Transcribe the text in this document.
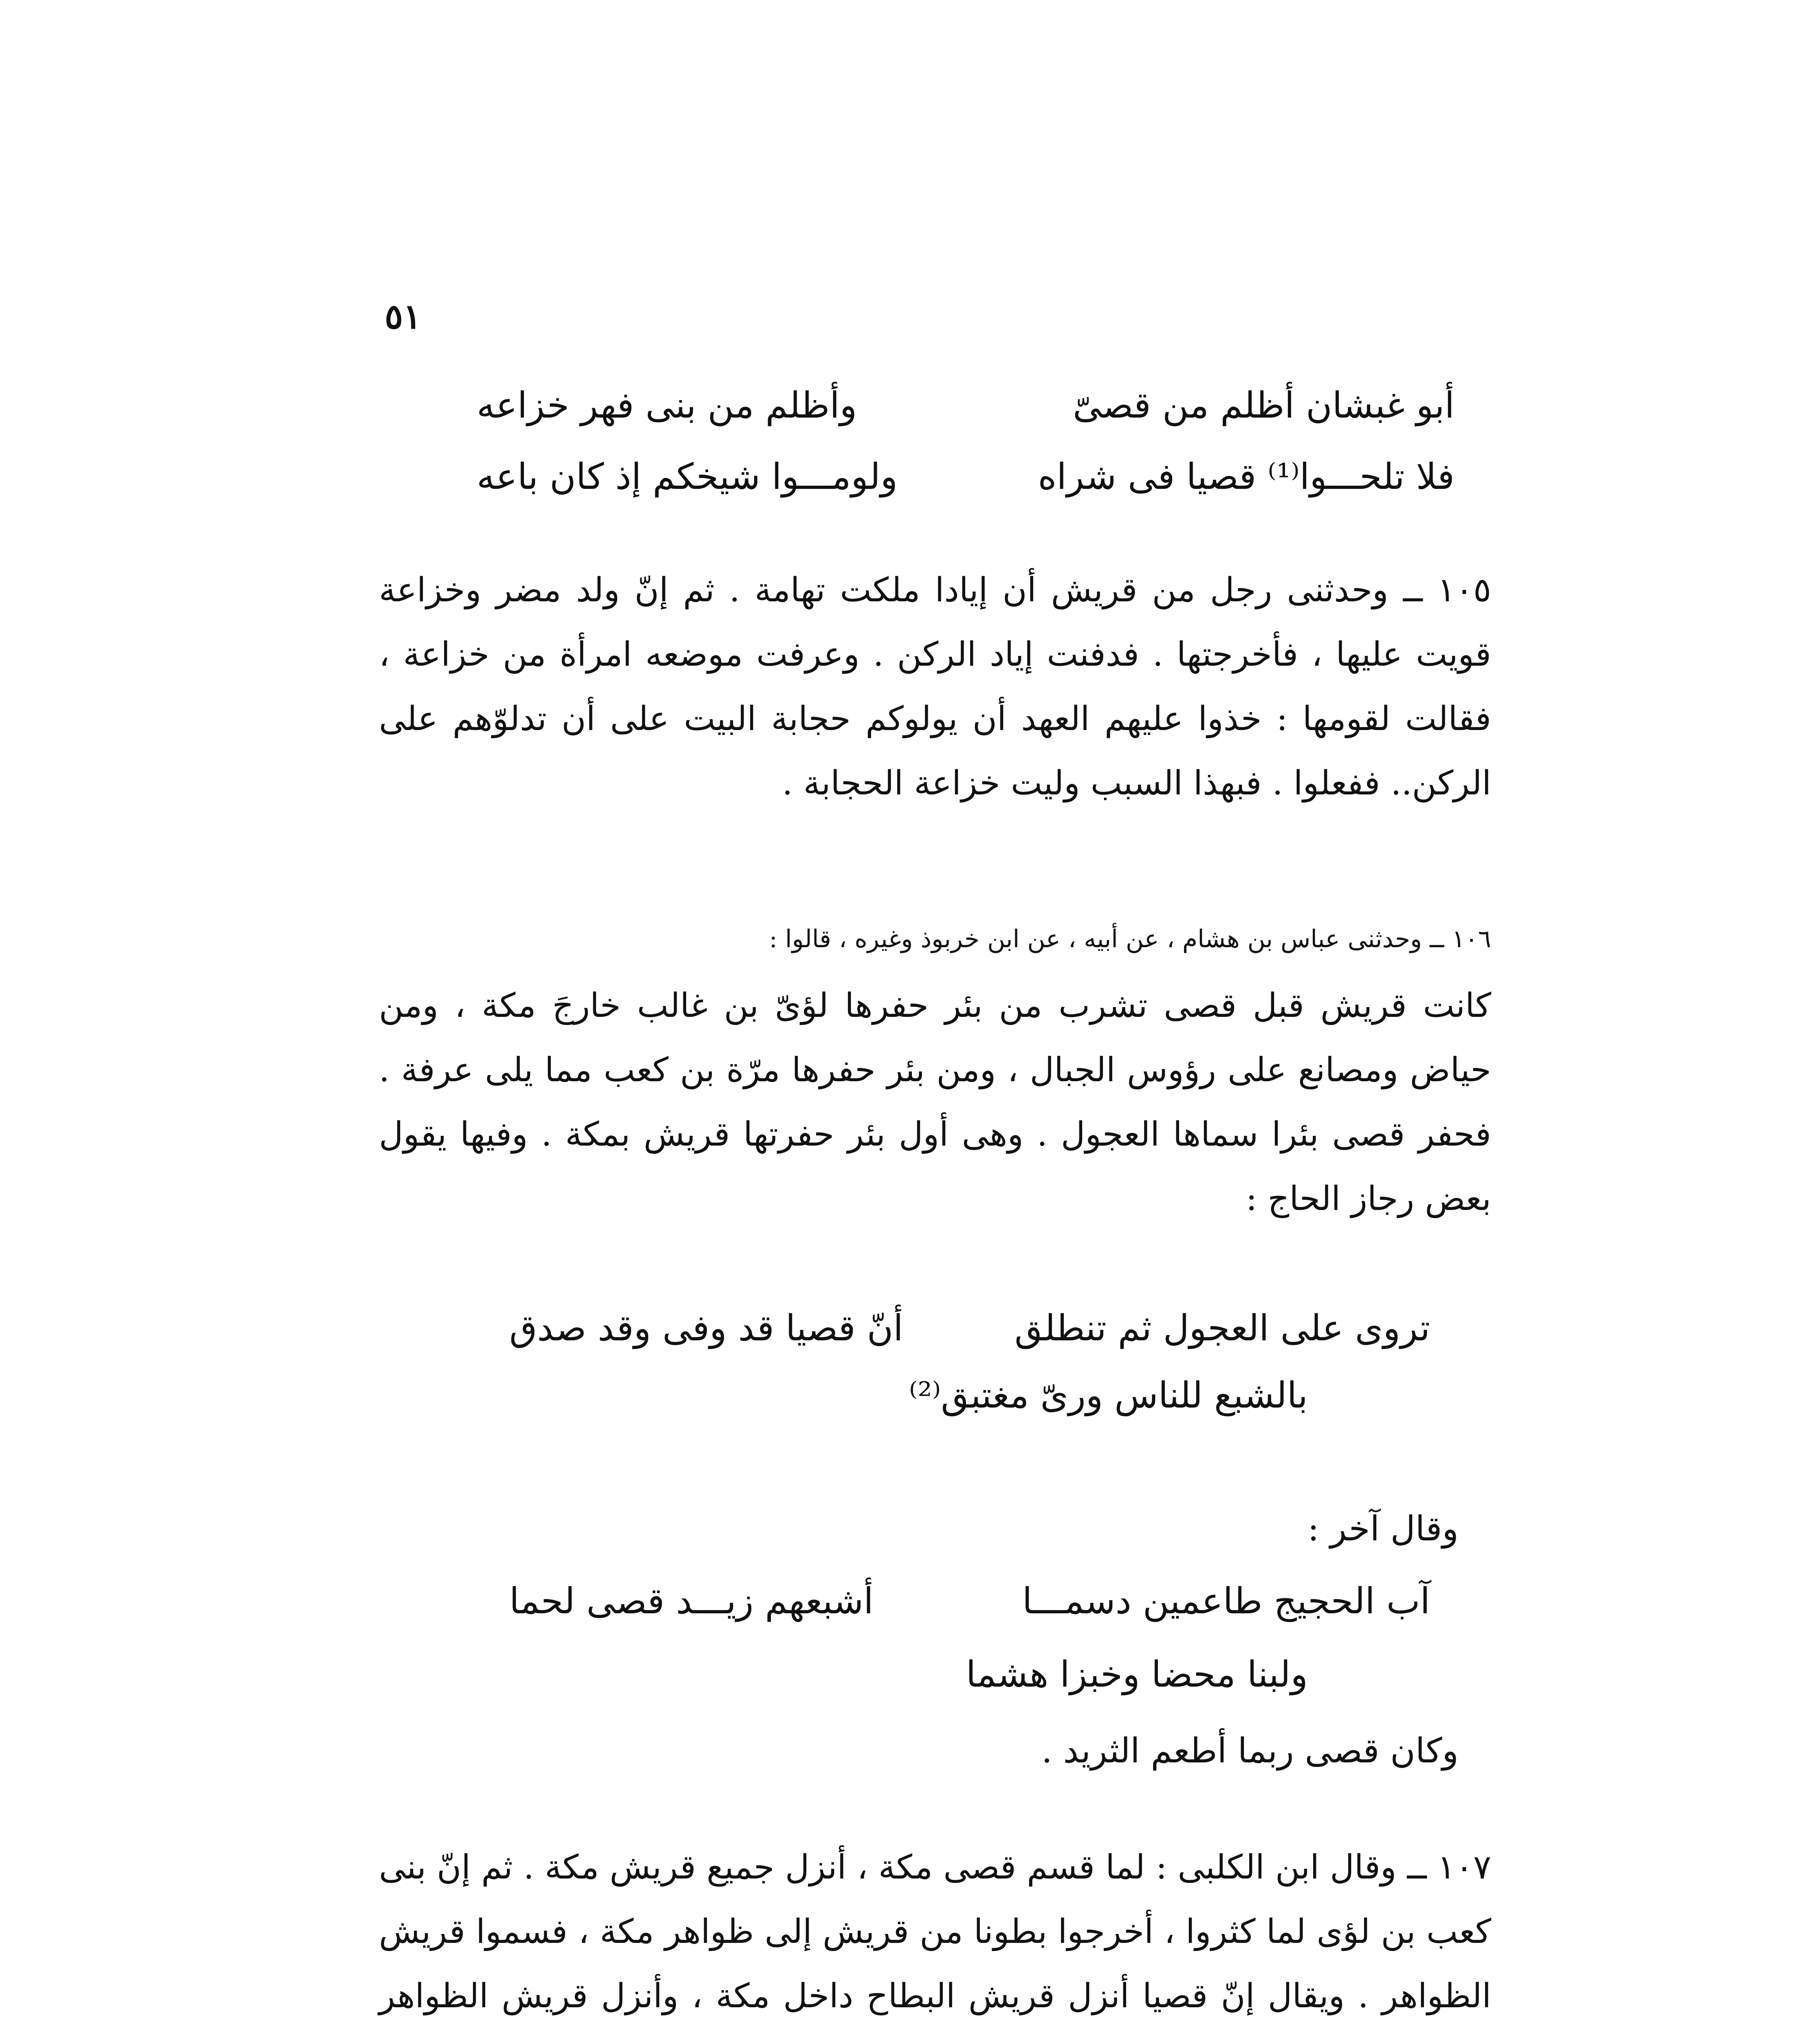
٥١
أبو غبشان أظلم من قصىّ
وأظلم من بنى فهر خزاعه
فلا تلحـــوا⁽¹⁾ قصيا فى شراه
ولومـــوا شيخكم إذ كان باعه

١٠٥ ــ وحدثنى رجل من قريش أن إيادا ملكت تهامة . ثم إنّ ولد مضر وخزاعة قويت عليها ، فأخرجتها . فدفنت إياد الركن . وعرفت موضعه امرأة من خزاعة ، فقالت لقومها : خذوا عليهم العهد أن يولوكم حجابة البيت على أن تدلوّهم على الركن.. ففعلوا . فبهذا السبب وليت خزاعة الحجابة .

١٠٦ ــ وحدثنى عباس بن هشام ، عن أبيه ، عن ابن خربوذ وغيره ، قالوا :

كانت قريش قبل قصى تشرب من بئر حفرها لؤىّ بن غالب خارجَ مكة ، ومن حياض ومصانع على رؤوس الجبال ، ومن بئر حفرها مرّة بن كعب مما يلى عرفة . فحفر قصى بئرا سماها العجول . وهى أول بئر حفرتها قريش بمكة . وفيها يقول بعض رجاز الحاج :

تروى على العجول ثم تنطلق
أنّ قصيا قد وفى وقد صدق
بالشبع للناس ورىّ مغتبق⁽²⁾
وقال آخر :
آب الحجيج طاعمين دسمـــا
أشبعهم زيـــد قصى لحما
ولبنا محضا وخبزا هشما
وكان قصى ربما أطعم الثريد .

١٠٧ ــ وقال ابن الكلبى : لما قسم قصى مكة ، أنزل جميع قريش مكة . ثم إنّ بنى كعب بن لؤى لما كثروا ، أخرجوا بطونا من قريش إلى ظواهر مكة ، فسموا قريش الظواهر . ويقال إنّ قصيا أنزل قريش البطاح داخل مكة ، وأنزل قريش الظواهر
